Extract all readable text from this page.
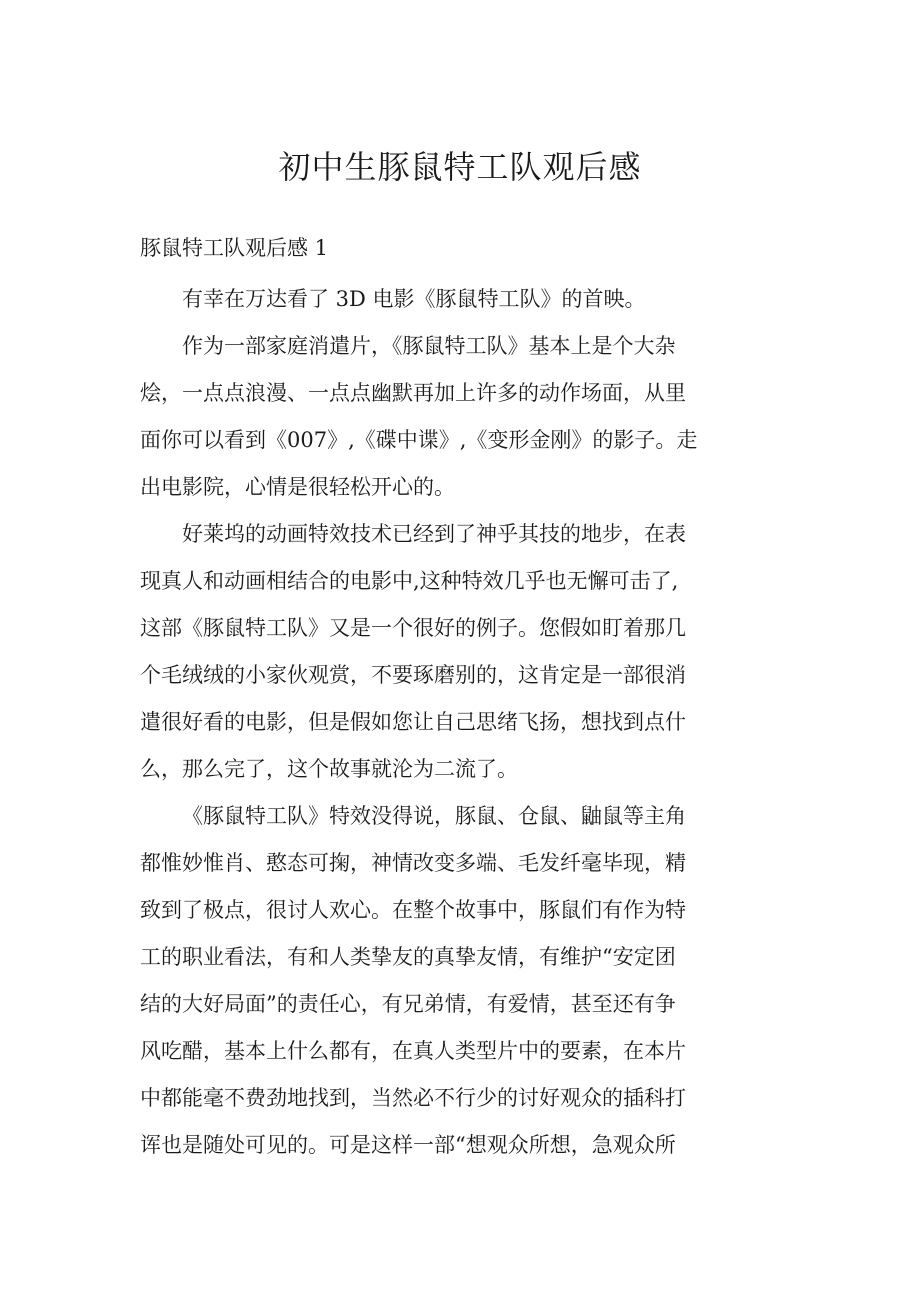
初中生豚鼠特工队观后感
豚鼠特工队观后感 1

有幸在万达看了 3D 电影《豚鼠特工队》的首映。

作为一部家庭消遣片，《豚鼠特工队》基本上是个大杂
烩，一点点浪漫、一点点幽默再加上许多的动作场面，从里
面你可以看到《007》,《碟中谍》,《变形金刚》的影子。走
出电影院，心情是很轻松开心的。

好莱坞的动画特效技术已经到了神乎其技的地步，在表
现真人和动画相结合的电影中,这种特效几乎也无懈可击了,
这部《豚鼠特工队》又是一个很好的例子。您假如盯着那几
个毛绒绒的小家伙观赏，不要琢磨别的，这肯定是一部很消
遣很好看的电影，但是假如您让自己思绪飞扬，想找到点什
么，那么完了，这个故事就沦为二流了。

《豚鼠特工队》特效没得说，豚鼠、仓鼠、鼬鼠等主角
都惟妙惟肖、憨态可掬，神情改变多端、毛发纤毫毕现，精
致到了极点，很讨人欢心。在整个故事中，豚鼠们有作为特
工的职业看法，有和人类挚友的真挚友情，有维护“安定团
结的大好局面”的责任心，有兄弟情，有爱情，甚至还有争
风吃醋，基本上什么都有，在真人类型片中的要素，在本片
中都能毫不费劲地找到，当然必不行少的讨好观众的插科打
诨也是随处可见的。可是这样一部“想观众所想，急观众所
